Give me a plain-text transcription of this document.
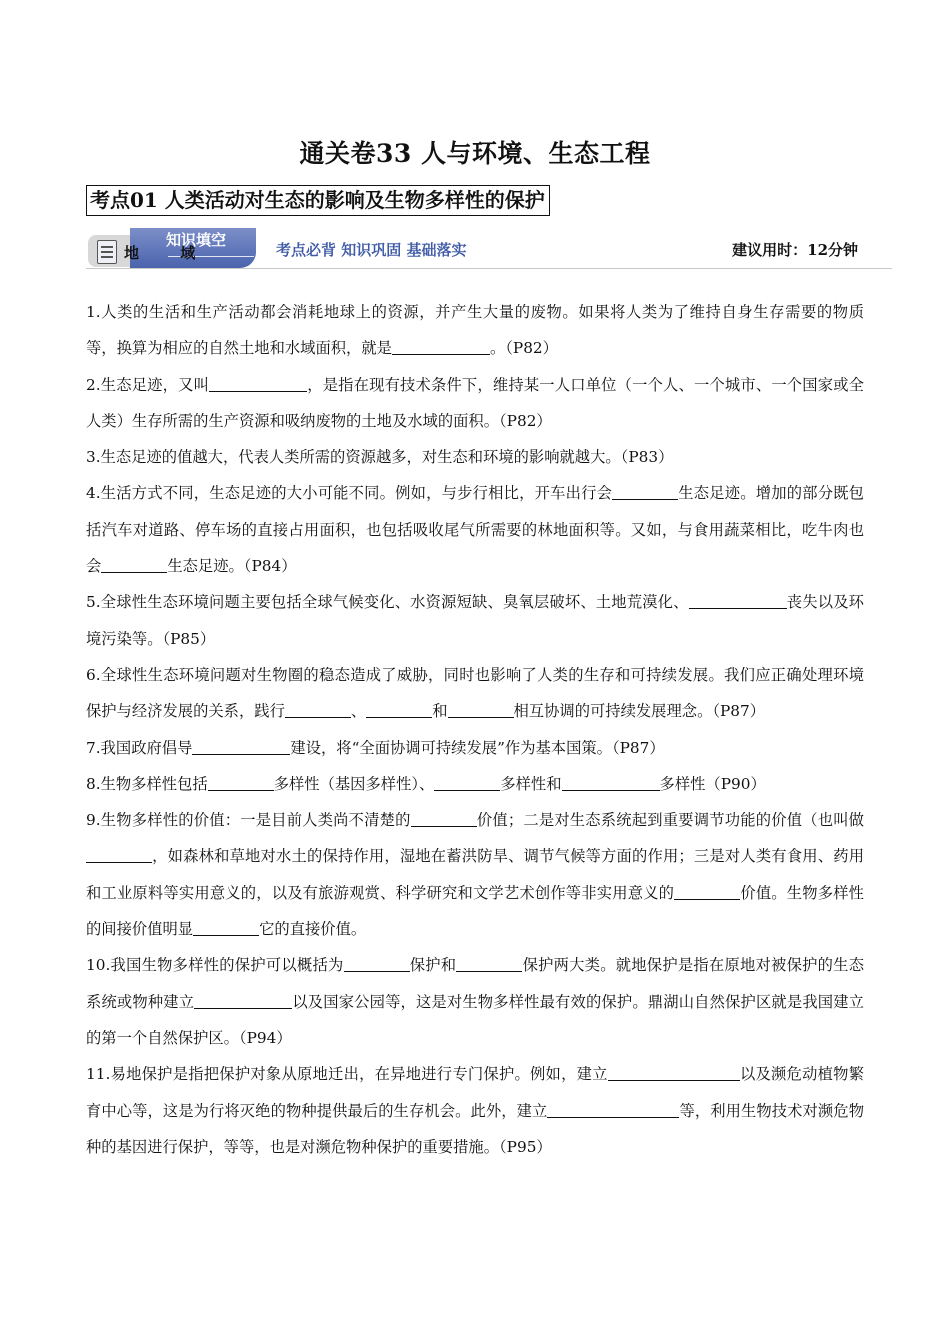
通关卷33 人与环境、生态工程
考点01 人类活动对生态的影响及生物多样性的保护
知识填空
地 域	考点必背 知识巩固 基础落实	建议用时：12分钟

1.人类的生活和生产活动都会消耗地球上的资源，并产生大量的废物。如果将人类为了维持自身生存需要的物质等，换算为相应的自然土地和水域面积，就是	。（P82）

2.生态足迹，又叫	，是指在现有技术条件下，维持某一人口单位（一个人、一个城市、一个国家或全人类）生存所需的生产资源和吸纳废物的土地及水域的面积。（P82）

3.生态足迹的值越大，代表人类所需的资源越多，对生态和环境的影响就越大。（P83）

4.生活方式不同，生态足迹的大小可能不同。例如，与步行相比，开车出行会	生态足迹。增加的部分既包括汽车对道路、停车场的直接占用面积，也包括吸收尾气所需要的林地面积等。又如，与食用蔬菜相比，吃牛肉也会	生态足迹。（P84）

5.全球性生态环境问题主要包括全球气候变化、水资源短缺、臭氧层破坏、土地荒漠化、	丧失以及环境污染等。（P85）

6.全球性生态环境问题对生物圈的稳态造成了威胁，同时也影响了人类的生存和可持续发展。我们应正确处理环境保护与经济发展的关系，践行	、	和	相互协调的可持续发展理念。（P87）

7.我国政府倡导	建设，将“全面协调可持续发展”作为基本国策。（P87）

8.生物多样性包括	多样性（基因多样性）、	多样性和	多样性（P90）

9.生物多样性的价值：一是目前人类尚不清楚的	价值；二是对生态系统起到重要调节功能的价值（也叫做，如森林和草地对水土的保持作用，湿地在蓄洪防旱、调节气候等方面的作用；三是对人类有食用、药用和工业原料等实用意义的，以及有旅游观赏、科学研究和文学艺术创作等非实用意义的	价值。生物多样性的间接价值明显	它的直接价值。

10.我国生物多样性的保护可以概括为	保护和	保护两大类。就地保护是指在原地对被保护的生态系统或物种建立	以及国家公园等，这是对生物多样性最有效的保护。鼎湖山自然保护区就是我国建立的第一个自然保护区。（P94）

11.易地保护是指把保护对象从原地迁出，在异地进行专门保护。例如，建立	以及濒危动植物繁育中心等，这是为行将灭绝的物种提供最后的生存机会。此外，建立	等，利用生物技术对濒危物种的基因进行保护，等等，也是对濒危物种保护的重要措施。（P95）
